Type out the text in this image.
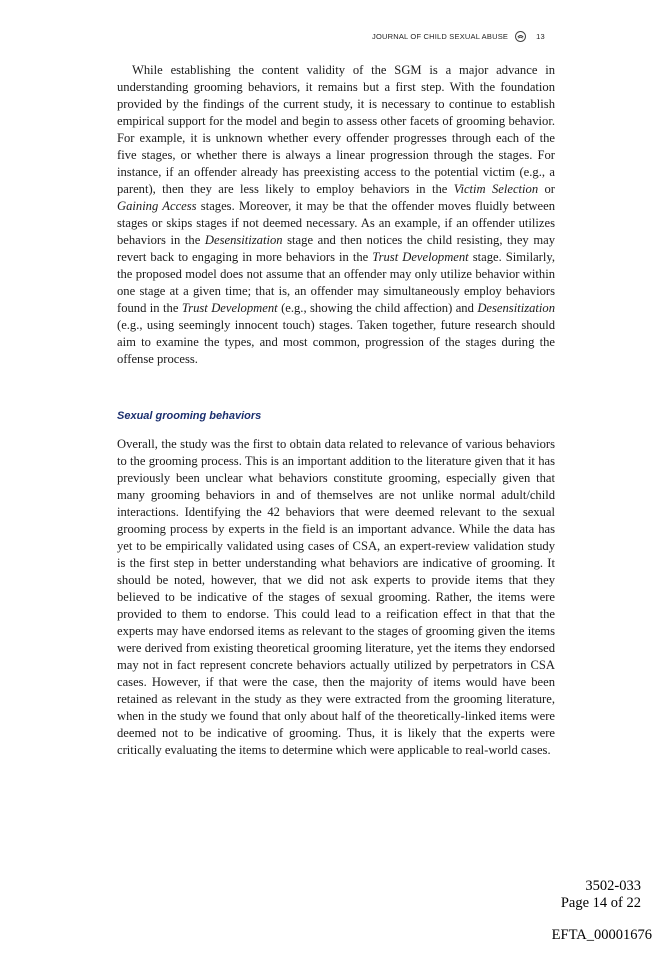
JOURNAL OF CHILD SEXUAL ABUSE	13

While establishing the content validity of the SGM is a major advance in understanding grooming behaviors, it remains but a first step. With the foundation provided by the findings of the current study, it is necessary to continue to establish empirical support for the model and begin to assess other facets of grooming behavior. For example, it is unknown whether every offender progresses through each of the five stages, or whether there is always a linear progression through the stages. For instance, if an offender already has preexisting access to the potential victim (e.g., a parent), then they are less likely to employ behaviors in the Victim Selection or Gaining Access stages. Moreover, it may be that the offender moves fluidly between stages or skips stages if not deemed necessary. As an example, if an offender utilizes behaviors in the Desensitization stage and then notices the child resisting, they may revert back to engaging in more behaviors in the Trust Development stage. Similarly, the proposed model does not assume that an offender may only utilize behavior within one stage at a given time; that is, an offender may simultaneously employ behaviors found in the Trust Development (e.g., showing the child affection) and Desensitization (e.g., using seemingly innocent touch) stages. Taken together, future research should aim to examine the types, and most common, progression of the stages during the offense process.

Sexual grooming behaviors

Overall, the study was the first to obtain data related to relevance of various behaviors to the grooming process. This is an important addition to the literature given that it has previously been unclear what behaviors constitute grooming, especially given that many grooming behaviors in and of themselves are not unlike normal adult/child interactions. Identifying the 42 behaviors that were deemed relevant to the sexual grooming process by experts in the field is an important advance. While the data has yet to be empirically validated using cases of CSA, an expert-review validation study is the first step in better understanding what behaviors are indicative of grooming. It should be noted, however, that we did not ask experts to provide items that they believed to be indicative of the stages of sexual grooming. Rather, the items were provided to them to endorse. This could lead to a reification effect in that that the experts may have endorsed items as relevant to the stages of grooming given the items were derived from existing theoretical grooming literature, yet the items they endorsed may not in fact represent concrete behaviors actually utilized by perpetrators in CSA cases. However, if that were the case, then the majority of items would have been retained as relevant in the study as they were extracted from the grooming literature, when in the study we found that only about half of the theoretically-linked items were deemed not to be indicative of grooming. Thus, it is likely that the experts were critically evaluating the items to determine which were applicable to real-world cases.

3502-033
Page 14 of 22
EFTA_00001676
